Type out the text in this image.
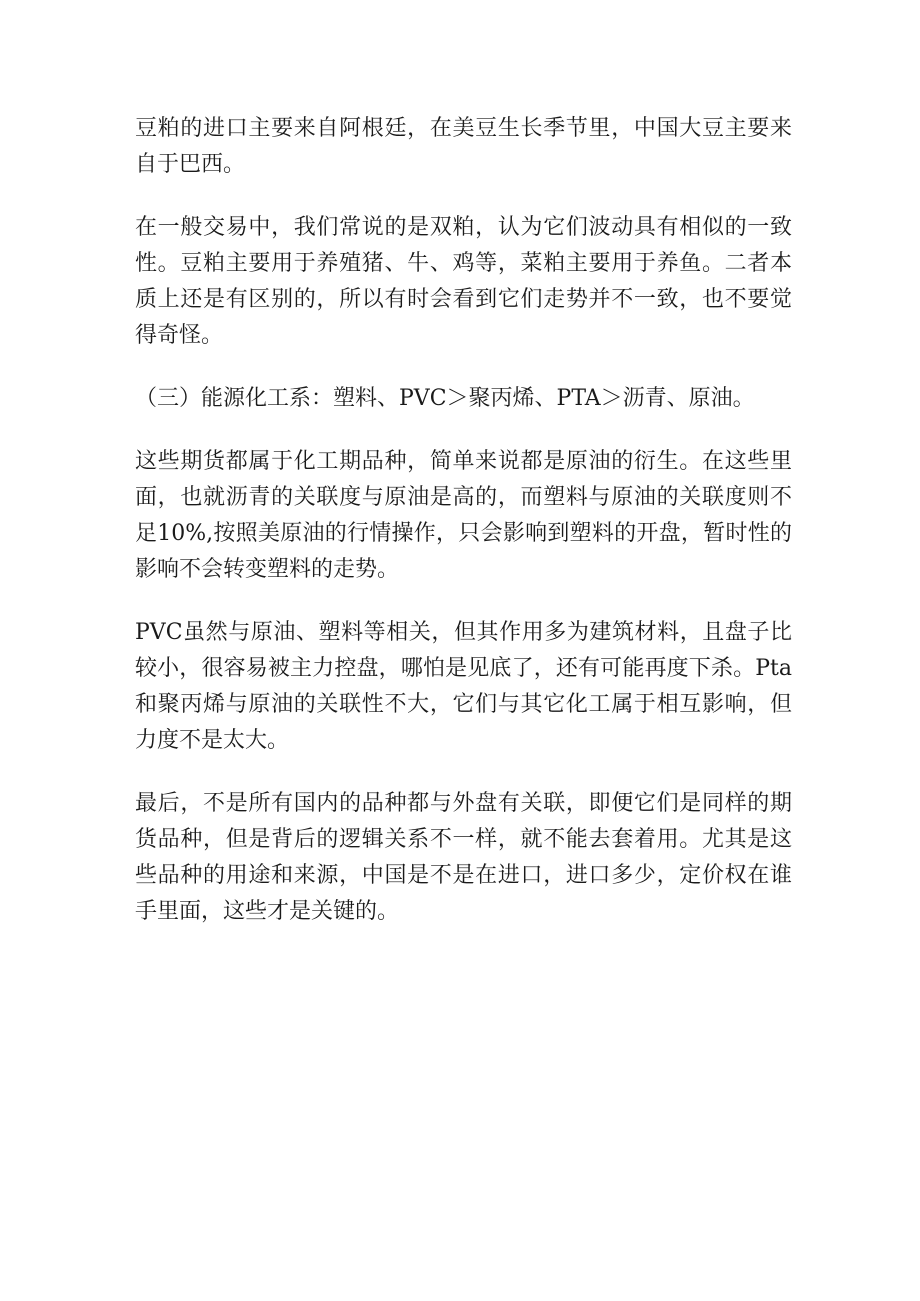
豆粕的进口主要来自阿根廷，在美豆生长季节里，中国大豆主要来自于巴西。

在一般交易中，我们常说的是双粕，认为它们波动具有相似的一致性。豆粕主要用于养殖猪、牛、鸡等，菜粕主要用于养鱼。二者本质上还是有区别的，所以有时会看到它们走势并不一致，也不要觉得奇怪。

（三）能源化工系：塑料、PVC＞聚丙烯、PTA＞沥青、原油。

这些期货都属于化工期品种，简单来说都是原油的衍生。在这些里面，也就沥青的关联度与原油是高的，而塑料与原油的关联度则不足10%,按照美原油的行情操作，只会影响到塑料的开盘，暂时性的影响不会转变塑料的走势。

PVC虽然与原油、塑料等相关，但其作用多为建筑材料，且盘子比较小，很容易被主力控盘，哪怕是见底了，还有可能再度下杀。Pta和聚丙烯与原油的关联性不大，它们与其它化工属于相互影响，但力度不是太大。

最后，不是所有国内的品种都与外盘有关联，即便它们是同样的期货品种，但是背后的逻辑关系不一样，就不能去套着用。尤其是这些品种的用途和来源，中国是不是在进口，进口多少，定价权在谁手里面，这些才是关键的。
